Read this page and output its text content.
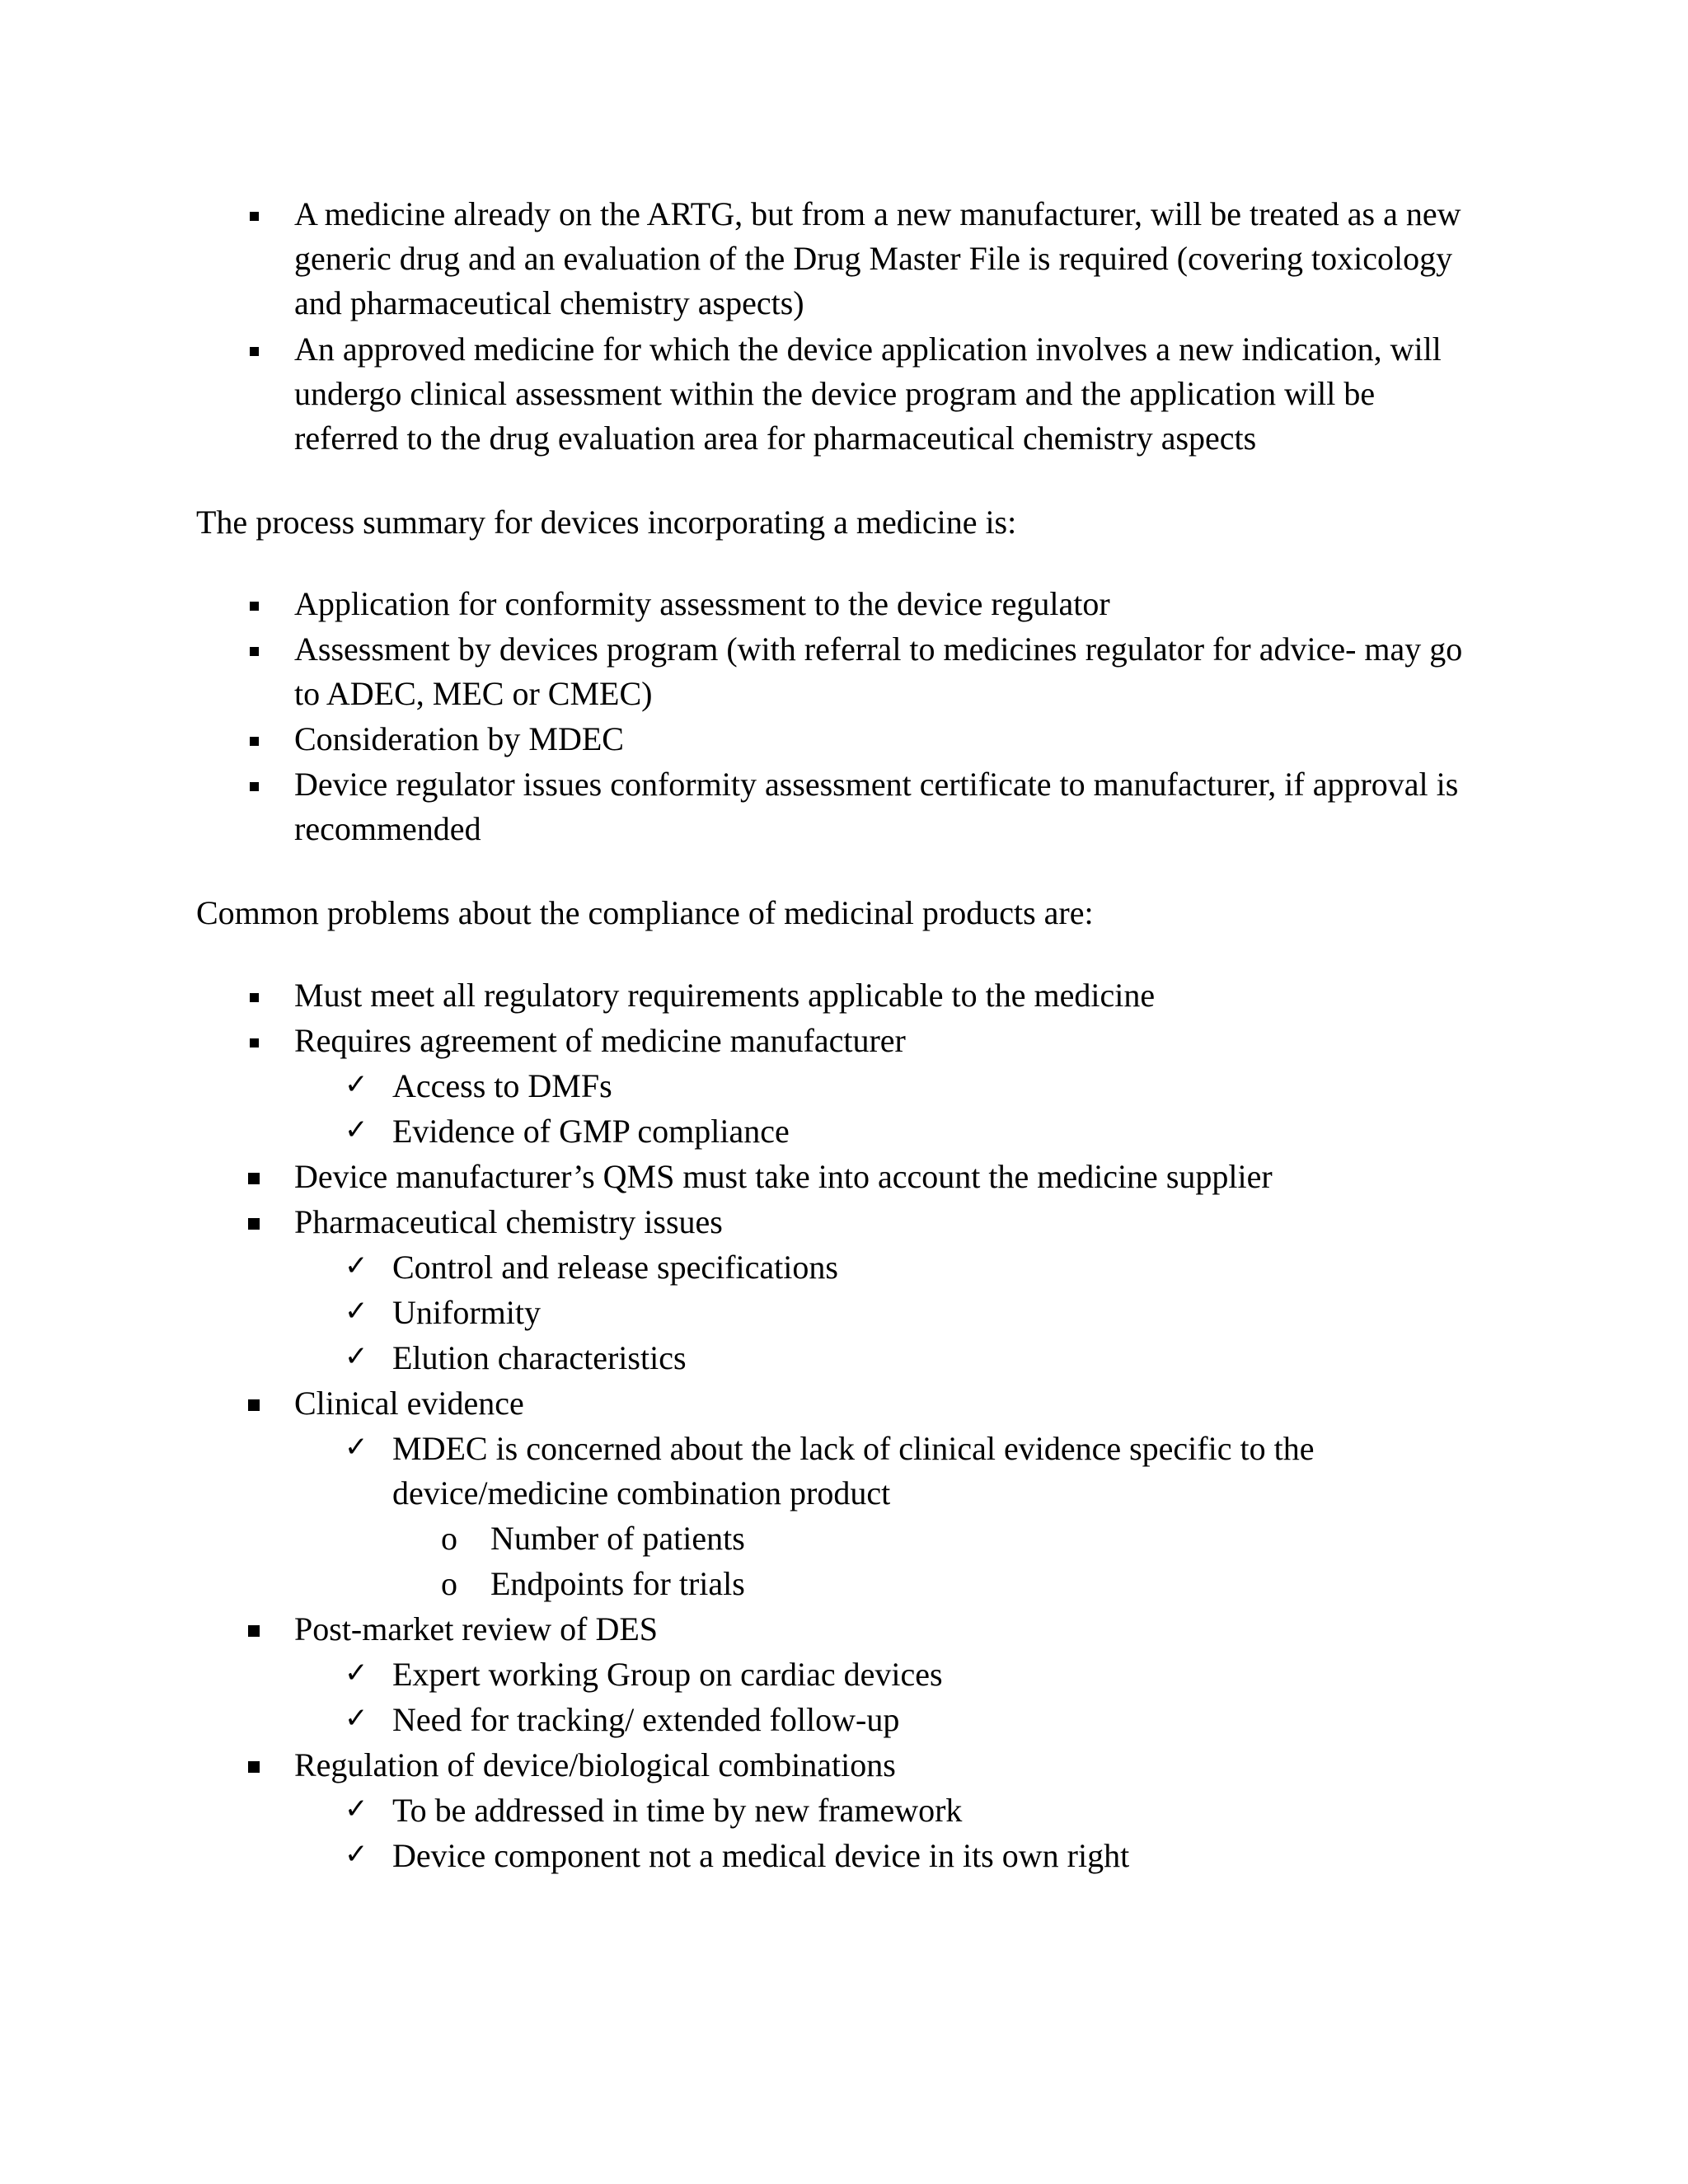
A medicine already on the ARTG, but from a new manufacturer, will be treated as a new

generic drug and an evaluation of the Drug Master File is required (covering toxicology

and pharmaceutical chemistry aspects)

An approved medicine for which the device application involves a new indication, will

undergo clinical assessment within the device program and the application will be

referred to the drug evaluation area for pharmaceutical chemistry aspects

The process summary for devices incorporating a medicine is:

Application for conformity assessment to the device regulator

Assessment by devices program (with referral to medicines regulator for advice- may go

to ADEC, MEC or CMEC)

Consideration by MDEC

Device regulator issues conformity assessment certificate to manufacturer, if approval is

recommended

Common problems about the compliance of medicinal products are:

Must meet all regulatory requirements applicable to the medicine

Requires agreement of medicine manufacturer

✓ Access to DMFs

✓ Evidence of GMP compliance

Device manufacturer’s QMS must take into account the medicine supplier

Pharmaceutical chemistry issues

✓ Control and release specifications

✓ Uniformity

✓ Elution characteristics

Clinical evidence

✓ MDEC is concerned about the lack of clinical evidence specific to the

device/medicine combination product

o Number of patients

o Endpoints for trials

Post-market review of DES

✓ Expert working Group on cardiac devices

✓ Need for tracking/ extended follow-up

Regulation of device/biological combinations

✓ To be addressed in time by new framework

✓ Device component not a medical device in its own right
